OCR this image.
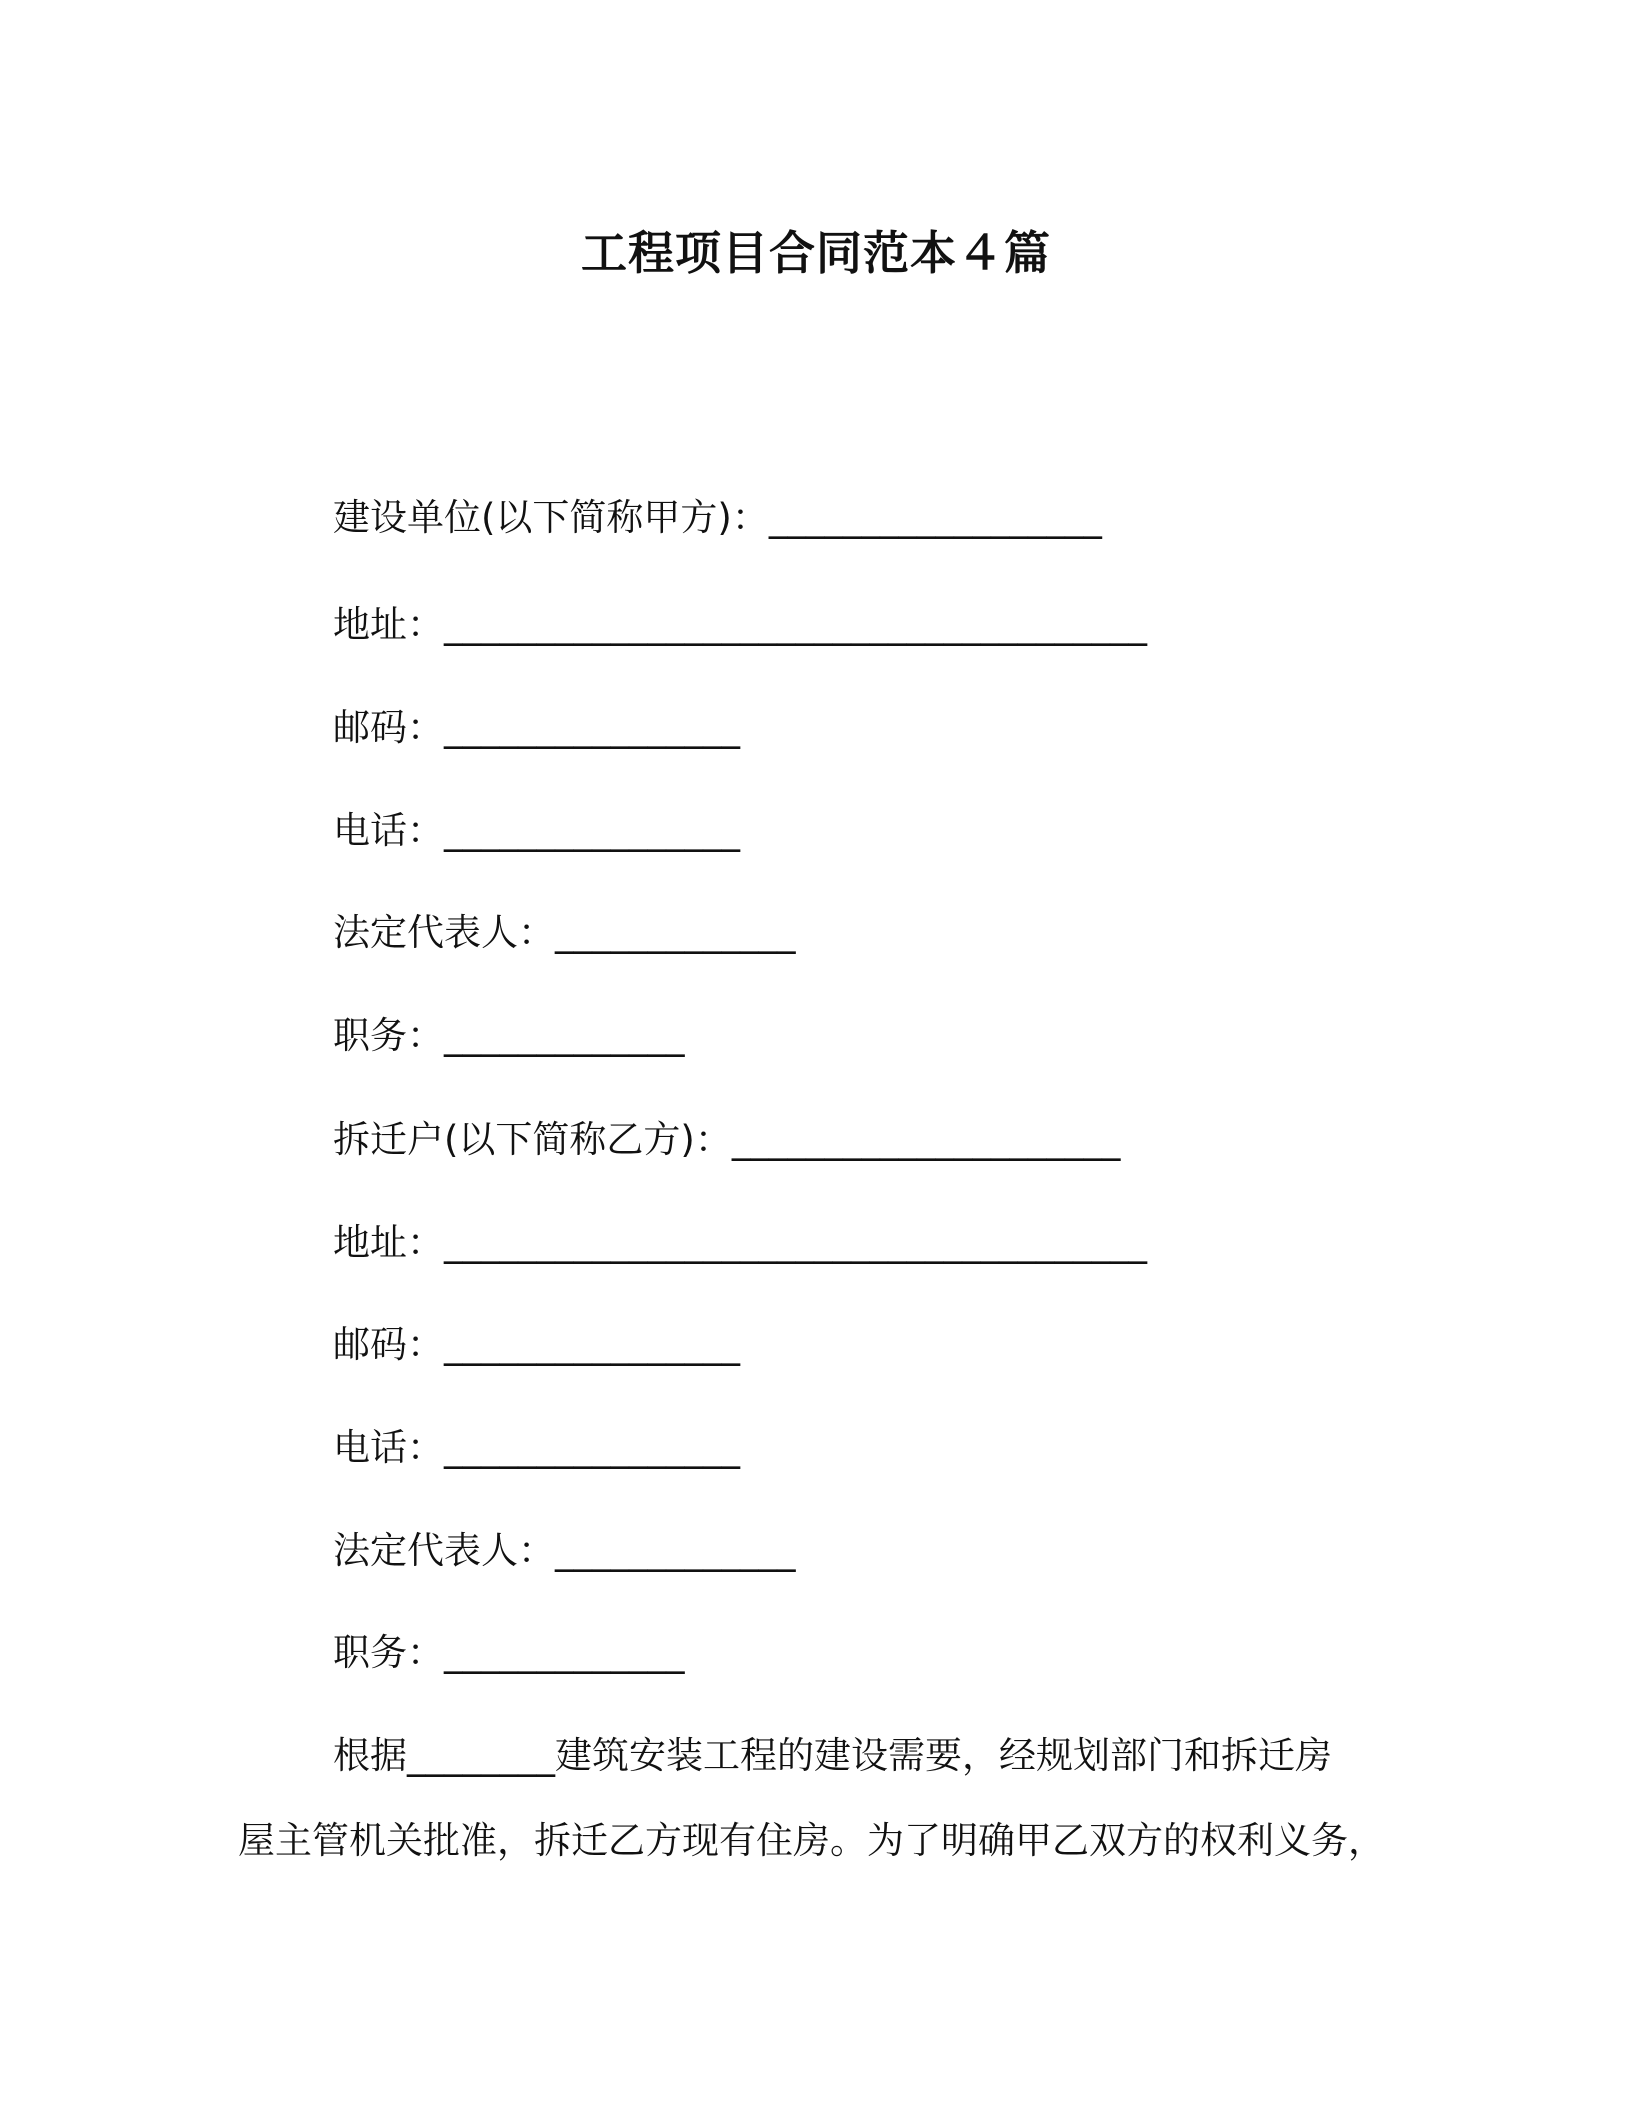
工程项目合同范本４篇
建设单位(以下简称甲方)：__________________
地址：______________________________________
邮码：________________
电话：________________
法定代表人：_____________
职务：_____________
拆迁户(以下简称乙方)：_____________________
地址：______________________________________
邮码：________________
电话：________________
法定代表人：_____________
职务：_____________
根据________建筑安装工程的建设需要，经规划部门和拆迁房
屋主管机关批准，拆迁乙方现有住房。为了明确甲乙双方的权利义务，
